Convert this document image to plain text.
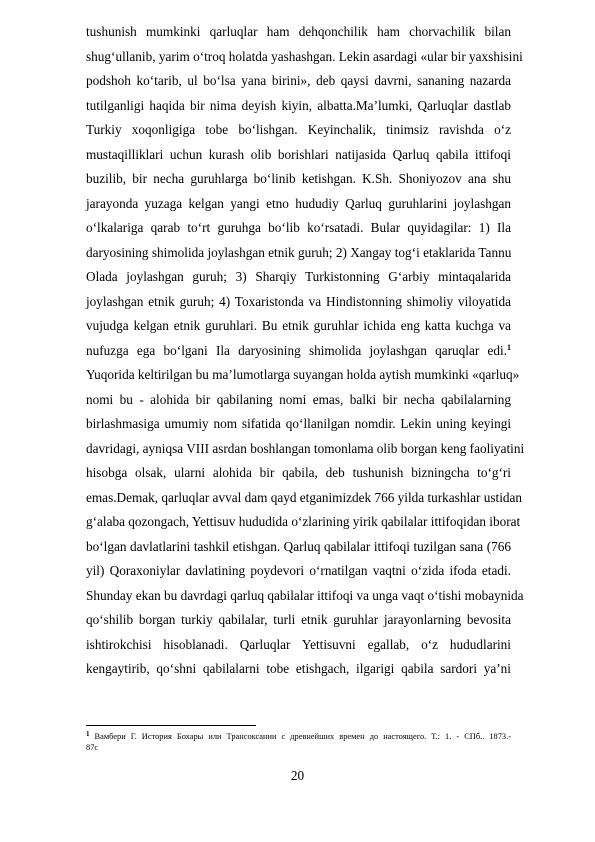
tushunish mumkinki qarluqlar ham dehqonchilik ham chorvachilik bilan
shug‘ullanib, yarim o‘troq holatda yashashgan. Lekin asardagi «ular bir yaxshisini
podshoh ko‘tarib, ul bo‘lsa yana birini», deb qaysi davrni, sananing nazarda
tutilganligi haqida bir nima deyish kiyin, albatta.Ma’lumki, Qarluqlar dastlab
Turkiy xoqonligiga tobe bo‘lishgan. Keyinchalik, tinimsiz ravishda o‘z
mustaqilliklari uchun kurash olib borishlari natijasida Qarluq qabila ittifoqi
buzilib, bir necha guruhlarga bo‘linib ketishgan. K.Sh. Shoniyozov ana shu
jarayonda yuzaga kelgan yangi etno hududiy Qarluq guruhlarini joylashgan
o‘lkalariga qarab to‘rt guruhga bo‘lib ko‘rsatadi. Bular quyidagilar: 1) Ila
daryosining shimolida joylashgan etnik guruh; 2) Xangay tog‘i etaklarida Tannu
Olada joylashgan guruh; 3) Sharqiy Turkistonning G‘arbiy mintaqalarida
joylashgan etnik guruh; 4) Toxaristonda va Hindistonning shimoliy viloyatida
vujudga kelgan etnik guruhlari. Bu etnik guruhlar ichida eng katta kuchga va
nufuzga ega bo‘lgani Ila daryosining shimolida joylashgan qaruqlar edi.$^1$
Yuqorida keltirilgan bu ma’lumotlarga suyangan holda aytish mumkinki «qarluq»
nomi bu - alohida bir qabilaning nomi emas, balki bir necha qabilalarning
birlashmasiga umumiy nom sifatida qo‘llanilgan nomdir. Lekin uning keyingi
davridagi, ayniqsa VIII asrdan boshlangan tomonlama olib borgan keng faoliyatini
hisobga olsak, ularni alohida bir qabila, deb tushunish bizningcha to‘g‘ri
emas.Demak, qarluqlar avval dam qayd etganimizdek 766 yilda turkashlar ustidan
g‘alaba qozongach, Yettisuv hududida o‘zlarining yirik qabilalar ittifoqidan iborat
bo‘lgan davlatlarini tashkil etishgan. Qarluq qabilalar ittifoqi tuzilgan sana (766
yil) Qoraxoniylar davlatining poydevori o‘rnatilgan vaqtni o‘zida ifoda etadi.
Shunday ekan bu davrdagi qarluq qabilalar ittifoqi va unga vaqt o‘tishi mobaynida
qo‘shilib borgan turkiy qabilalar, turli etnik guruhlar jarayonlarning bevosita
ishtirokchisi hisoblanadi. Qarluqlar Yettisuvni egallab, o‘z hududlarini
kengaytirib, qo‘shni qabilalarni tobe etishgach, ilgarigi qabila sardori ya’ni
$^1$ Вамбери Г. История Бохары или Трансоксании с древнейших времен до настоящего. Т.: 1. - СПб.. 1873.-
87с
20
